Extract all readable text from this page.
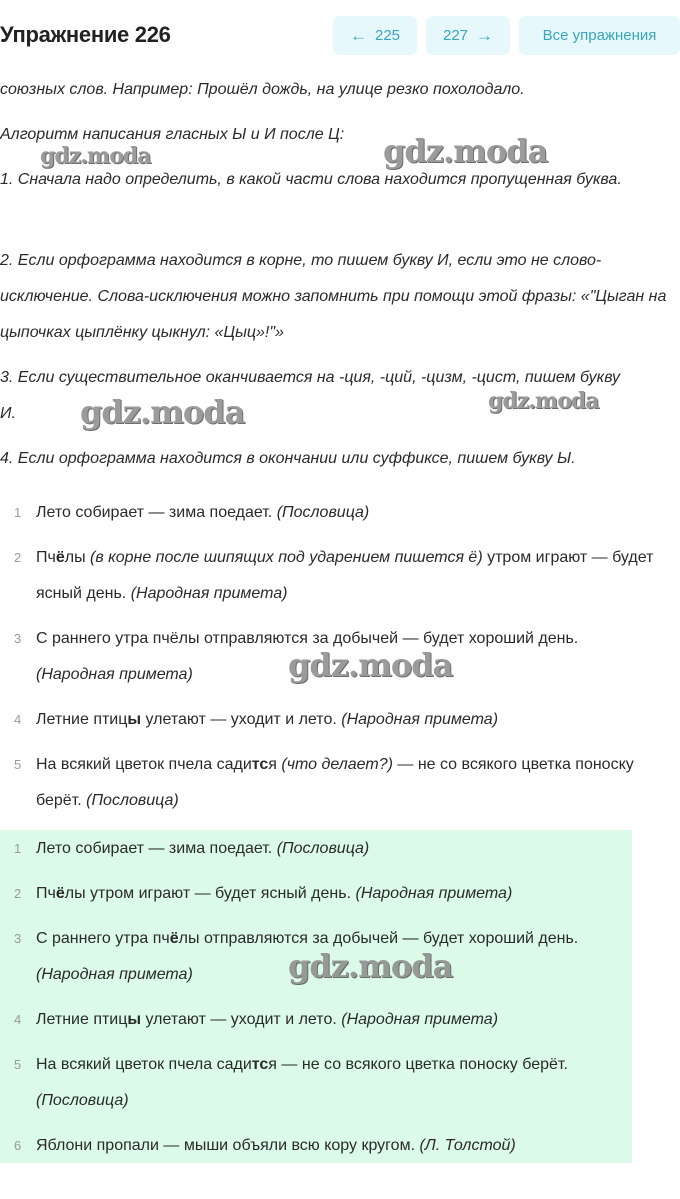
Упражнение 226	← 225	227 →	Все упражнения
союзных слов. Например: Прошёл дождь, на улице резко похолодало.
Алгоритм написания гласных Ы и И после Ц:
1. Сначала надо определить, в какой части слова находится пропущенная буква.
2. Если орфограмма находится в корне, то пишем букву И, если это не слово-исключение. Слова-исключения можно запомнить при помощи этой фразы: «"Цыган на цыпочках цыплёнку цыкнул: «Цыц»!"»
3. Если существительное оканчивается на -ция, -ций, -цизм, -цист, пишем букву И.
4. Если орфограмма находится в окончании или суффиксе, пишем букву Ы.
1 Лето собирает — зима поедает. (Пословица)
2 Пчёлы (в корне после шипящих под ударением пишется ё) утром играют — будет ясный день. (Народная примета)
3 С раннего утра пчёлы отправляются за добычей — будет хороший день. (Народная примета)
4 Летние птицы улетают — уходит и лето. (Народная примета)
5 На всякий цветок пчела садится (что делает?) — не со всякого цветка поноску берёт. (Пословица)
1 Лето собирает — зима поедает. (Пословица)
2 Пчёлы утром играют — будет ясный день. (Народная примета)
3 С раннего утра пчёлы отправляются за добычей — будет хороший день. (Народная примета)
4 Летние птицы улетают — уходит и лето. (Народная примета)
5 На всякий цветок пчела садится — не со всякого цветка поноску берёт. (Пословица)
6 Яблони пропали — мыши объяли всю кору кругом. (Л. Толстой)
gdz.moda	gdz.moda
gdz.moda	gdz.moda
gdz.moda
gdz.moda
